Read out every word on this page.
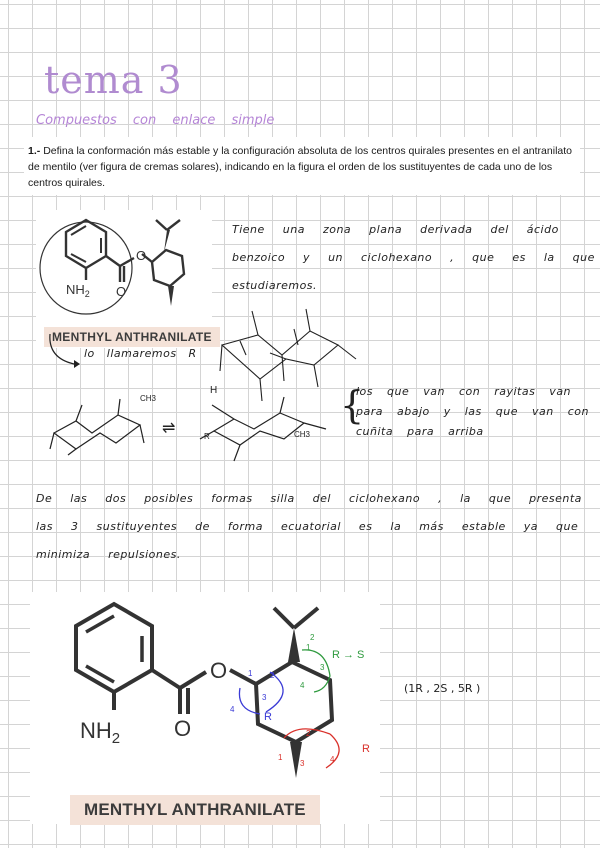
tema 3
Compuestos con enlace simple
1.- Defina la conformación más estable y la configuración absoluta de los centros quirales presentes en el antranilato de mentilo (ver figura de cremas solares), indicando en la figura el orden de los sustituyentes de cada uno de los centros quirales.
O
O
$NH_2$
MENTHYL ANTHRANILATE
Tiene una zona plana derivada del ácido
benzoico y un ciclohexano , que es la que
estudiaremos.
lo llamaremos R
CH3
H
R	CH3
⇌
{
los que van con rayitas van
para abajo y las que van con
cuñita para arriba
De las dos posibles formas silla del ciclohexano , la que presenta
las 3 sustituyentes de forma ecuatorial es la más estable ya que
minimiza repulsiones.
O
O
$NH_2$
1 2
3
4
R
1
2
3
4
R → S
1
2
3	4
R
MENTHYL ANTHRANILATE
(1R , 2S , 5R )
